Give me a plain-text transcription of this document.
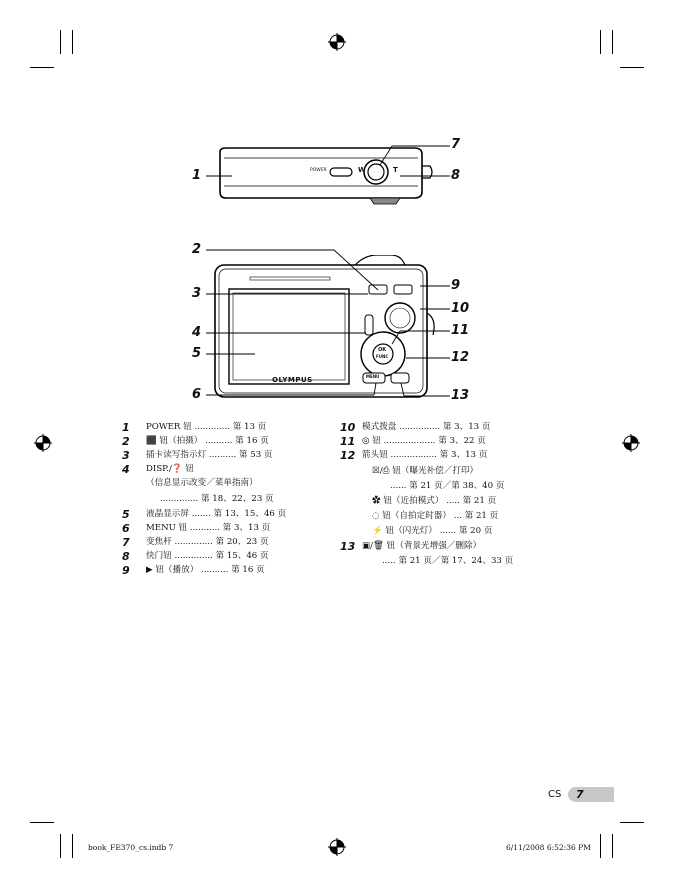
POWER	W	T
OLYMPUS	MENU
OK
FUNC
1
7
8
2
9
3
10
4	11
5	12
6	13
1 POWER 钮 ............. 第 13 页
2 ⬛ 钮（拍摄） .......... 第 16 页
3 插卡读写指示灯 .......... 第 53 页
4 DISP./❓ 钮
（信息显示改变／菜单指南）
.............. 第 18、22、23 页
5 液晶显示屏 ....... 第 13、15、46 页
6 MENU 钮 ........... 第 3、13 页
7 变焦杆 .............. 第 20、23 页
8 快门钮 .............. 第 15、46 页
9 ▶ 钮（播放） .......... 第 16 页
10 模式拨盘 ............... 第 3、13 页
11 ◎ 钮 ................... 第 3、22 页
12 箭头钮 ................. 第 3、13 页
☒/⎙ 钮（曝光补偿／打印）
...... 第 21 页／第 38、40 页
✿ 钮（近拍模式） ..... 第 21 页
◌ 钮（自拍定时器） ... 第 21 页
⚡ 钮（闪光灯） ...... 第 20 页
13 ▣/🗑 钮（背景光增强／删除）
..... 第 21 页／第 17、24、33 页
CS 7
book_FE370_cs.indb 7	6/11/2008 6:52:36 PM
